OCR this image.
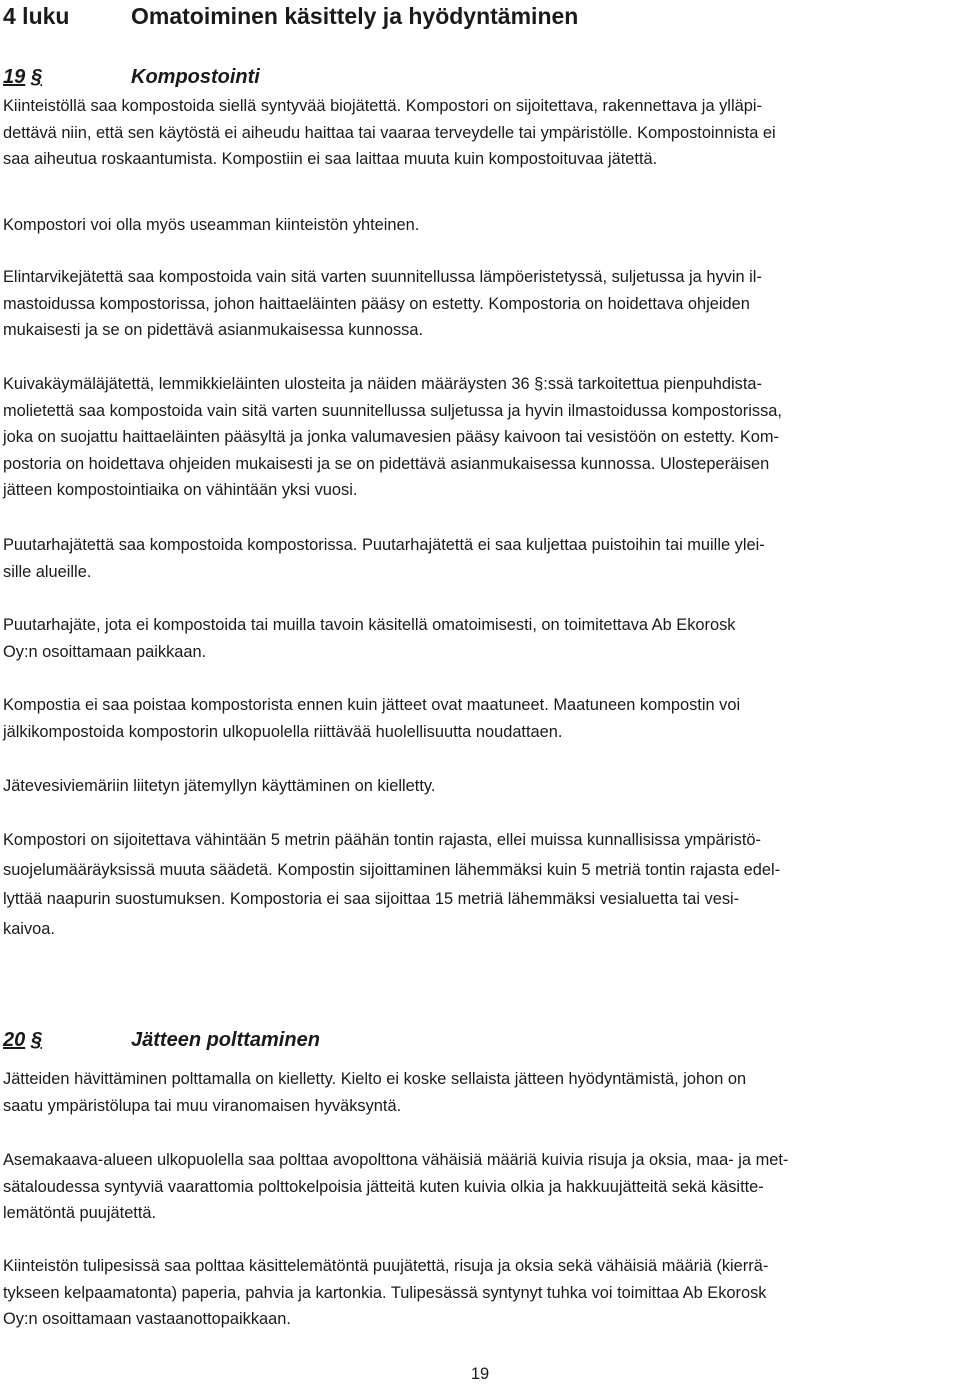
4 luku	Omatoiminen käsittely ja hyödyntäminen
19 §	Kompostointi
Kiinteistöllä saa kompostoida siellä syntyvää biojätettä. Kompostori on sijoitettava, rakennettava ja ylläpi-
dettävä niin, että sen käytöstä ei aiheudu haittaa tai vaaraa terveydelle tai ympäristölle. Kompostoinnista ei
saa aiheutua roskaantumista. Kompostiin ei saa laittaa muuta kuin kompostoituvaa jätettä.
Kompostori voi olla myös useamman kiinteistön yhteinen.
Elintarvikejätettä saa kompostoida vain sitä varten suunnitellussa lämpöeristetyssä, suljetussa ja hyvin il-
mastoidussa kompostorissa, johon haittaeläinten pääsy on estetty. Kompostoria on hoidettava ohjeiden
mukaisesti ja se on pidettävä asianmukaisessa kunnossa.
Kuivakäymäläjätettä, lemmikkieläinten ulosteita ja näiden määräysten 36 §:ssä tarkoitettua pienpuhdista-
molietettä saa kompostoida vain sitä varten suunnitellussa suljetussa ja hyvin ilmastoidussa kompostorissa,
joka on suojattu haittaeläinten pääsyltä ja jonka valumavesien pääsy kaivoon tai vesistöön on estetty. Kom-
postoria on hoidettava ohjeiden mukaisesti ja se on pidettävä asianmukaisessa kunnossa. Ulosteperäisen
jätteen kompostointiaika on vähintään yksi vuosi.
Puutarhajätettä saa kompostoida kompostorissa. Puutarhajätettä ei saa kuljettaa puistoihin tai muille ylei-
sille alueille.
Puutarhajäte, jota ei kompostoida tai muilla tavoin käsitellä omatoimisesti, on toimitettava Ab Ekorosk
Oy:n osoittamaan paikkaan.
Kompostia ei saa poistaa kompostorista ennen kuin jätteet ovat maatuneet. Maatuneen kompostin voi
jälkikompostoida kompostorin ulkopuolella riittävää huolellisuutta noudattaen.
Jätevesiviemäriin liitetyn jätemyllyn käyttäminen on kielletty.
Kompostori on sijoitettava vähintään 5 metrin päähän tontin rajasta, ellei muissa kunnallisissa ympäristö-
suojelumääräyksissä muuta säädetä. Kompostin sijoittaminen lähemmäksi kuin 5 metriä tontin rajasta edel-
lyttää naapurin suostumuksen. Kompostoria ei saa sijoittaa 15 metriä lähemmäksi vesialuetta tai vesi-
kaivoa.
20 §	Jätteen polttaminen
Jätteiden hävittäminen polttamalla on kielletty. Kielto ei koske sellaista jätteen hyödyntämistä, johon on
saatu ympäristölupa tai muu viranomaisen hyväksyntä.
Asemakaava-alueen ulkopuolella saa polttaa avopolttona vähäisiä määriä kuivia risuja ja oksia, maa- ja met-
sätaloudessa syntyviä vaarattomia polttokelpoisia jätteitä kuten kuivia olkia ja hakkuujätteitä sekä käsitte-
lemätöntä puujätettä.
Kiinteistön tulipesissä saa polttaa käsittelemätöntä puujätettä, risuja ja oksia sekä vähäisiä määriä (kierrä-
tykseen kelpaamatonta) paperia, pahvia ja kartonkia. Tulipesässä syntynyt tuhka voi toimittaa Ab Ekorosk
Oy:n osoittamaan vastaanottopaikkaan.
19
